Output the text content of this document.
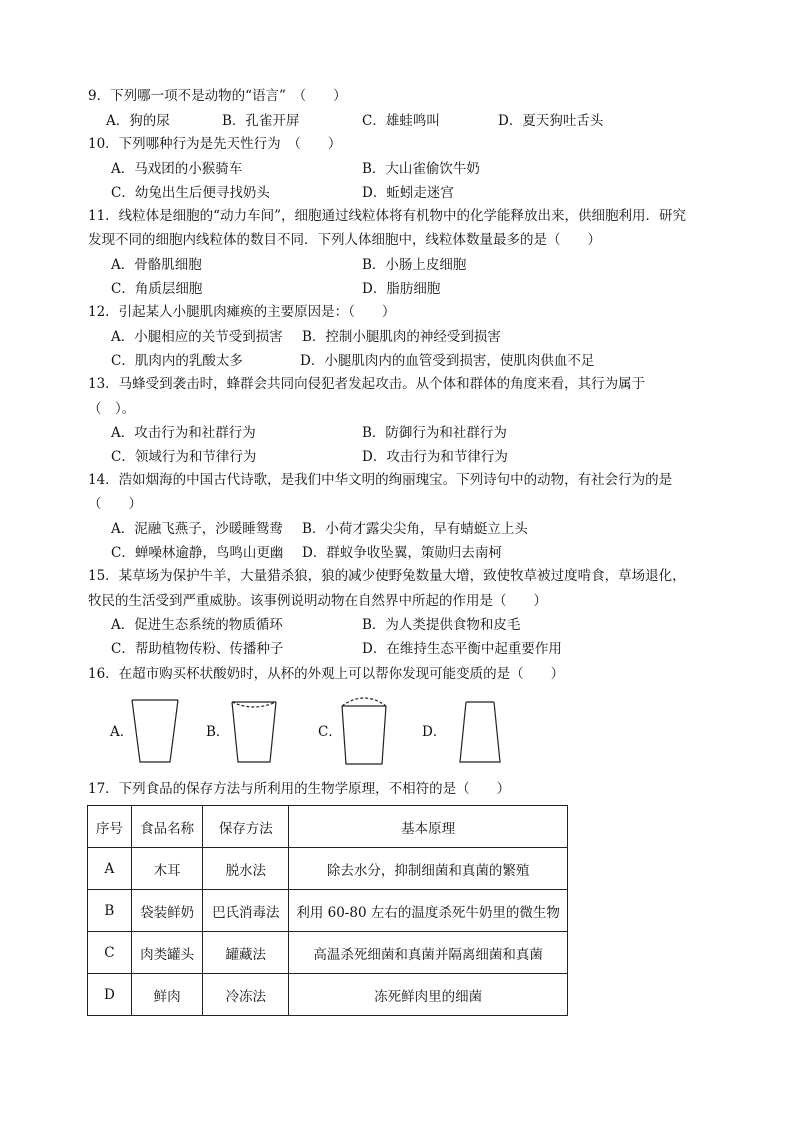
9．下列哪一项不是动物的“语言”　（　　）
A．狗的尿	B．孔雀开屏	C．雄蛙鸣叫	D．夏天狗吐舌头
10．下列哪种行为是先天性行为　（　　）
A．马戏团的小猴骑车	B．大山雀偷饮牛奶
C．幼兔出生后便寻找奶头	D．蚯蚓走迷宫
11．线粒体是细胞的“动力车间”，细胞通过线粒体将有机物中的化学能释放出来，供细胞利用．研究
发现不同的细胞内线粒体的数目不同．下列人体细胞中，线粒体数量最多的是（　　）
A．骨骼肌细胞	B．小肠上皮细胞
C．角质层细胞	D．脂肪细胞
12．引起某人小腿肌肉瘫痪的主要原因是：（　　）
A．小腿相应的关节受到损害 B．控制小腿肌肉的神经受到损害
C．肌肉内的乳酸太多	D．小腿肌肉内的血管受到损害，使肌肉供血不足
13．马蜂受到袭击时，蜂群会共同向侵犯者发起攻击。从个体和群体的角度来看，其行为属于
（　）。
A．攻击行为和社群行为	B．防御行为和社群行为
C．领域行为和节律行为	D．攻击行为和节律行为
14．浩如烟海的中国古代诗歌，是我们中华文明的绚丽瑰宝。下列诗句中的动物，有社会行为的是
（　　）
A．泥融飞燕子，沙暖睡鸳鸯 B．小荷才露尖尖角，早有蜻蜓立上头
C．蝉噪林逾静，鸟鸣山更幽 D．群蚁争收坠翼，策勋归去南柯
15．某草场为保护牛羊，大量猎杀狼，狼的减少使野兔数量大增，致使牧草被过度啃食，草场退化，
牧民的生活受到严重威胁。该事例说明动物在自然界中所起的作用是（　　）
A．促进生态系统的物质循环	B．为人类提供食物和皮毛
C．帮助植物传粉、传播种子	D．在维持生态平衡中起重要作用
16．在超市购买杯状酸奶时，从杯的外观上可以帮你发现可能变质的是（　　）
A．	B．	C．	D．
17．下列食品的保存方法与所利用的生物学原理，不相符的是（　　）
序号	食品名称	保存方法	基本原理
A	木耳	脱水法	除去水分，抑制细菌和真菌的繁殖
B	袋装鲜奶	巴氏消毒法	利用 60-80 左右的温度杀死牛奶里的微生物
C	肉类罐头	罐藏法	高温杀死细菌和真菌并隔离细菌和真菌
D	鲜肉	冷冻法	冻死鲜肉里的细菌
